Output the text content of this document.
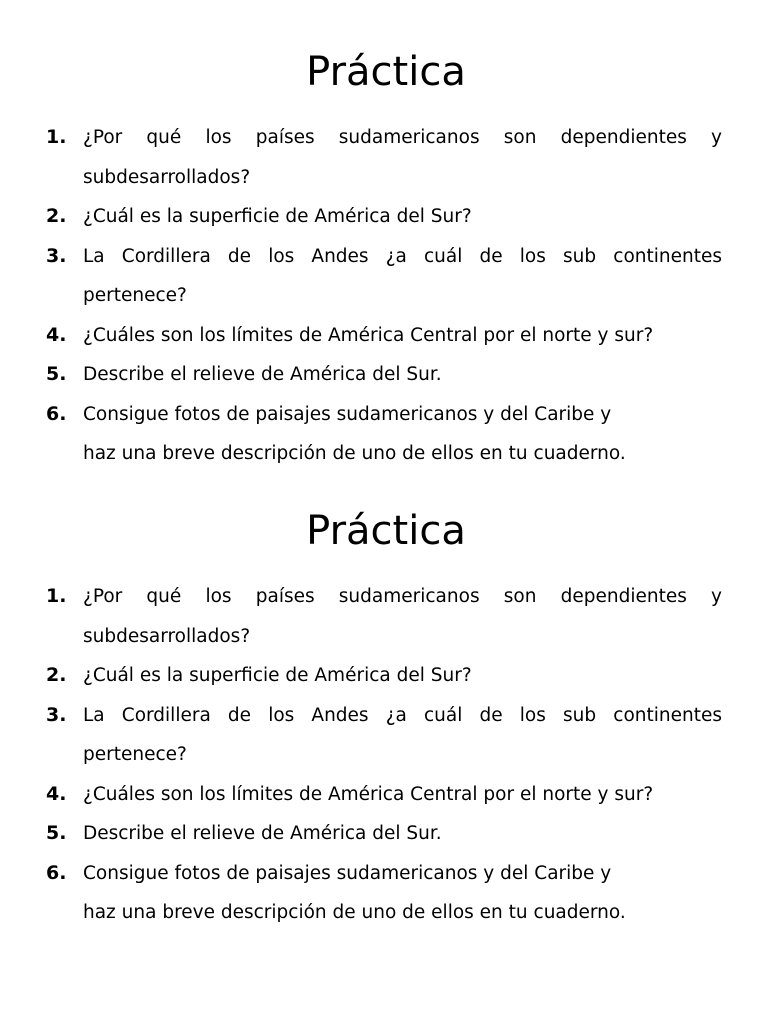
Práctica
1. ¿Por qué los países sudamericanos son dependientes y
subdesarrollados?
2. ¿Cuál es la superficie de América del Sur?
3. La Cordillera de los Andes ¿a cuál de los sub continentes
pertenece?
4. ¿Cuáles son los límites de América Central por el norte y sur?
5. Describe el relieve de América del Sur.
6. Consigue fotos de paisajes sudamericanos y del Caribe y
haz una breve descripción de uno de ellos en tu cuaderno.
Práctica
1. ¿Por qué los países sudamericanos son dependientes y
subdesarrollados?
2. ¿Cuál es la superficie de América del Sur?
3. La Cordillera de los Andes ¿a cuál de los sub continentes
pertenece?
4. ¿Cuáles son los límites de América Central por el norte y sur?
5. Describe el relieve de América del Sur.
6. Consigue fotos de paisajes sudamericanos y del Caribe y
haz una breve descripción de uno de ellos en tu cuaderno.
